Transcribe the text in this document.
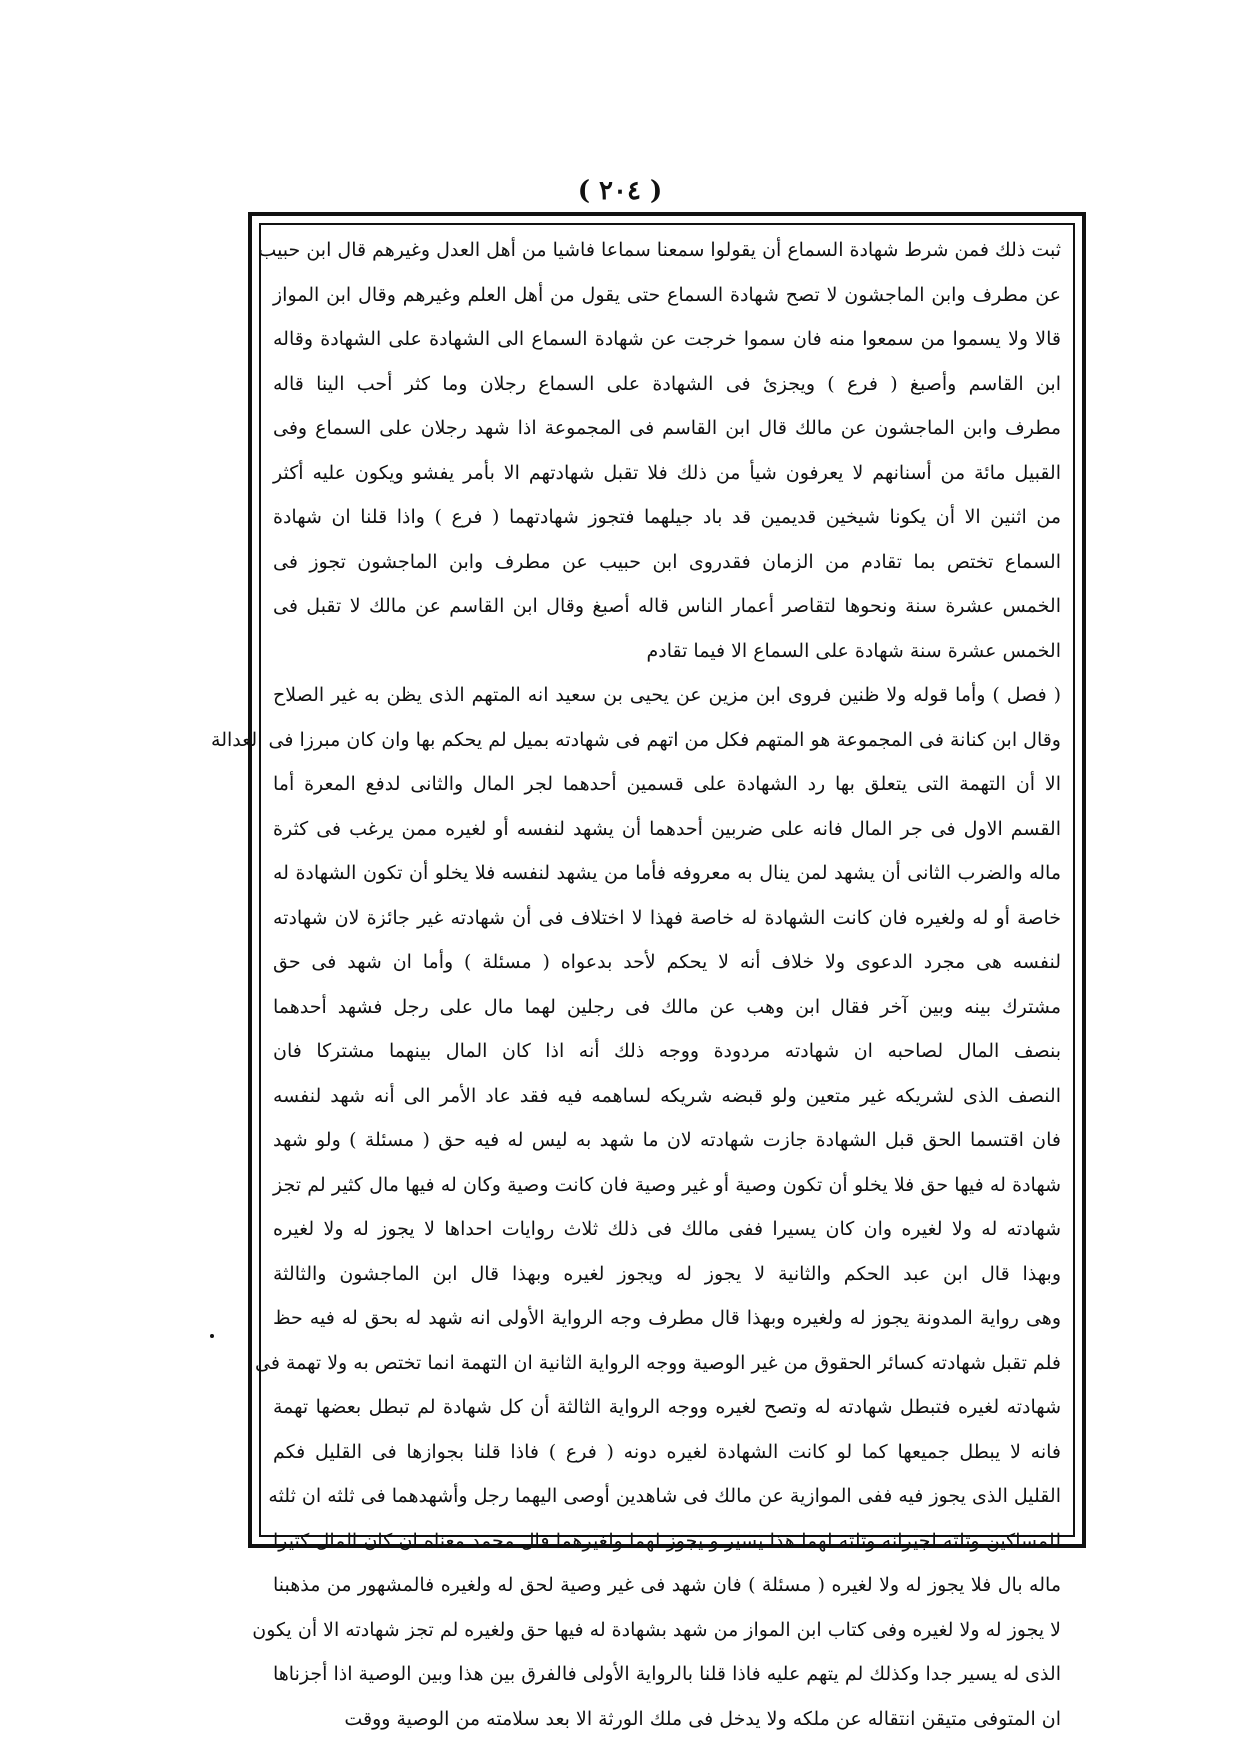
( ٢٠٤ )
ثبت ذلك فمن شرط شهادة السماع أن يقولوا سمعنا سماعا فاشيا من أهل العدل وغيرهم قال ابن حبيب
عن مطرف وابن الماجشون لا تصح شهادة السماع حتى يقول من أهل العلم وغيرهم وقال ابن المواز
قالا ولا يسموا من سمعوا منه فان سموا خرجت عن شهادة السماع الى الشهادة على الشهادة وقاله
ابن القاسم وأصبغ ( فرع ) ويجزئ فى الشهادة على السماع رجلان وما كثر أحب الينا قاله
مطرف وابن الماجشون عن مالك قال ابن القاسم فى المجموعة اذا شهد رجلان على السماع وفى
القبيل مائة من أسنانهم لا يعرفون شيأ من ذلك فلا تقبل شهادتهم الا بأمر يفشو ويكون عليه أكثر
من اثنين الا أن يكونا شيخين قديمين قد باد جيلهما فتجوز شهادتهما ( فرع ) واذا قلنا ان شهادة
السماع تختص بما تقادم من الزمان فقدروى ابن حبيب عن مطرف وابن الماجشون تجوز فى
الخمس عشرة سنة ونحوها لتقاصر أعمار الناس قاله أصبغ وقال ابن القاسم عن مالك لا تقبل فى
الخمس عشرة سنة شهادة على السماع الا فيما تقادم
( فصل ) وأما قوله ولا ظنين فروى ابن مزين عن يحيى بن سعيد انه المتهم الذى يظن به غير الصلاح
وقال ابن كنانة فى المجموعة هو المتهم فكل من اتهم فى شهادته بميل لم يحكم بها وان كان مبرزا فى العدالة
الا أن التهمة التى يتعلق بها رد الشهادة على قسمين أحدهما لجر المال والثانى لدفع المعرة أما
القسم الاول فى جر المال فانه على ضربين أحدهما أن يشهد لنفسه أو لغيره ممن يرغب فى كثرة
ماله والضرب الثانى أن يشهد لمن ينال به معروفه فأما من يشهد لنفسه فلا يخلو أن تكون الشهادة له
خاصة أو له ولغيره فان كانت الشهادة له خاصة فهذا لا اختلاف فى أن شهادته غير جائزة لان شهادته
لنفسه هى مجرد الدعوى ولا خلاف أنه لا يحكم لأحد بدعواه ( مسئلة ) وأما ان شهد فى حق
مشترك بينه وبين آخر فقال ابن وهب عن مالك فى رجلين لهما مال على رجل فشهد أحدهما
بنصف المال لصاحبه ان شهادته مردودة ووجه ذلك أنه اذا كان المال بينهما مشتركا فان
النصف الذى لشريكه غير متعين ولو قبضه شريكه لساهمه فيه فقد عاد الأمر الى أنه شهد لنفسه
فان اقتسما الحق قبل الشهادة جازت شهادته لان ما شهد به ليس له فيه حق ( مسئلة ) ولو شهد
شهادة له فيها حق فلا يخلو أن تكون وصية أو غير وصية فان كانت وصية وكان له فيها مال كثير لم تجز
شهادته له ولا لغيره وان كان يسيرا ففى مالك فى ذلك ثلاث روايات احداها لا يجوز له ولا لغيره
وبهذا قال ابن عبد الحكم والثانية لا يجوز له ويجوز لغيره وبهذا قال ابن الماجشون والثالثة
وهى رواية المدونة يجوز له ولغيره وبهذا قال مطرف وجه الرواية الأولى انه شهد له بحق له فيه حظ
فلم تقبل شهادته كسائر الحقوق من غير الوصية ووجه الرواية الثانية ان التهمة انما تختص به ولا تهمة فى
شهادته لغيره فتبطل شهادته له وتصح لغيره ووجه الرواية الثالثة أن كل شهادة لم تبطل بعضها تهمة
فانه لا يبطل جميعها كما لو كانت الشهادة لغيره دونه ( فرع ) فاذا قلنا بجوازها فى القليل فكم
القليل الذى يجوز فيه ففى الموازية عن مالك فى شاهدين أوصى اليهما رجل وأشهدهما فى ثلثه ان ثلثه
للمساكين وثلثه لجيرانه وثلثه لهما هذا يسير و يجوز لهما ولغيرهما قال محمد معناه ان كان المال كثيرا
ماله بال فلا يجوز له ولا لغيره ( مسئلة ) فان شهد فى غير وصية لحق له ولغيره فالمشهور من مذهبنا
لا يجوز له ولا لغيره وفى كتاب ابن المواز من شهد بشهادة له فيها حق ولغيره لم تجز شهادته الا أن يكون
الذى له يسير جدا وكذلك لم يتهم عليه فاذا قلنا بالرواية الأولى فالفرق بين هذا وبين الوصية اذا أجزناها
ان المتوفى متيقن انتقاله عن ملكه ولا يدخل فى ملك الورثة الا بعد سلامته من الوصية ووقت
